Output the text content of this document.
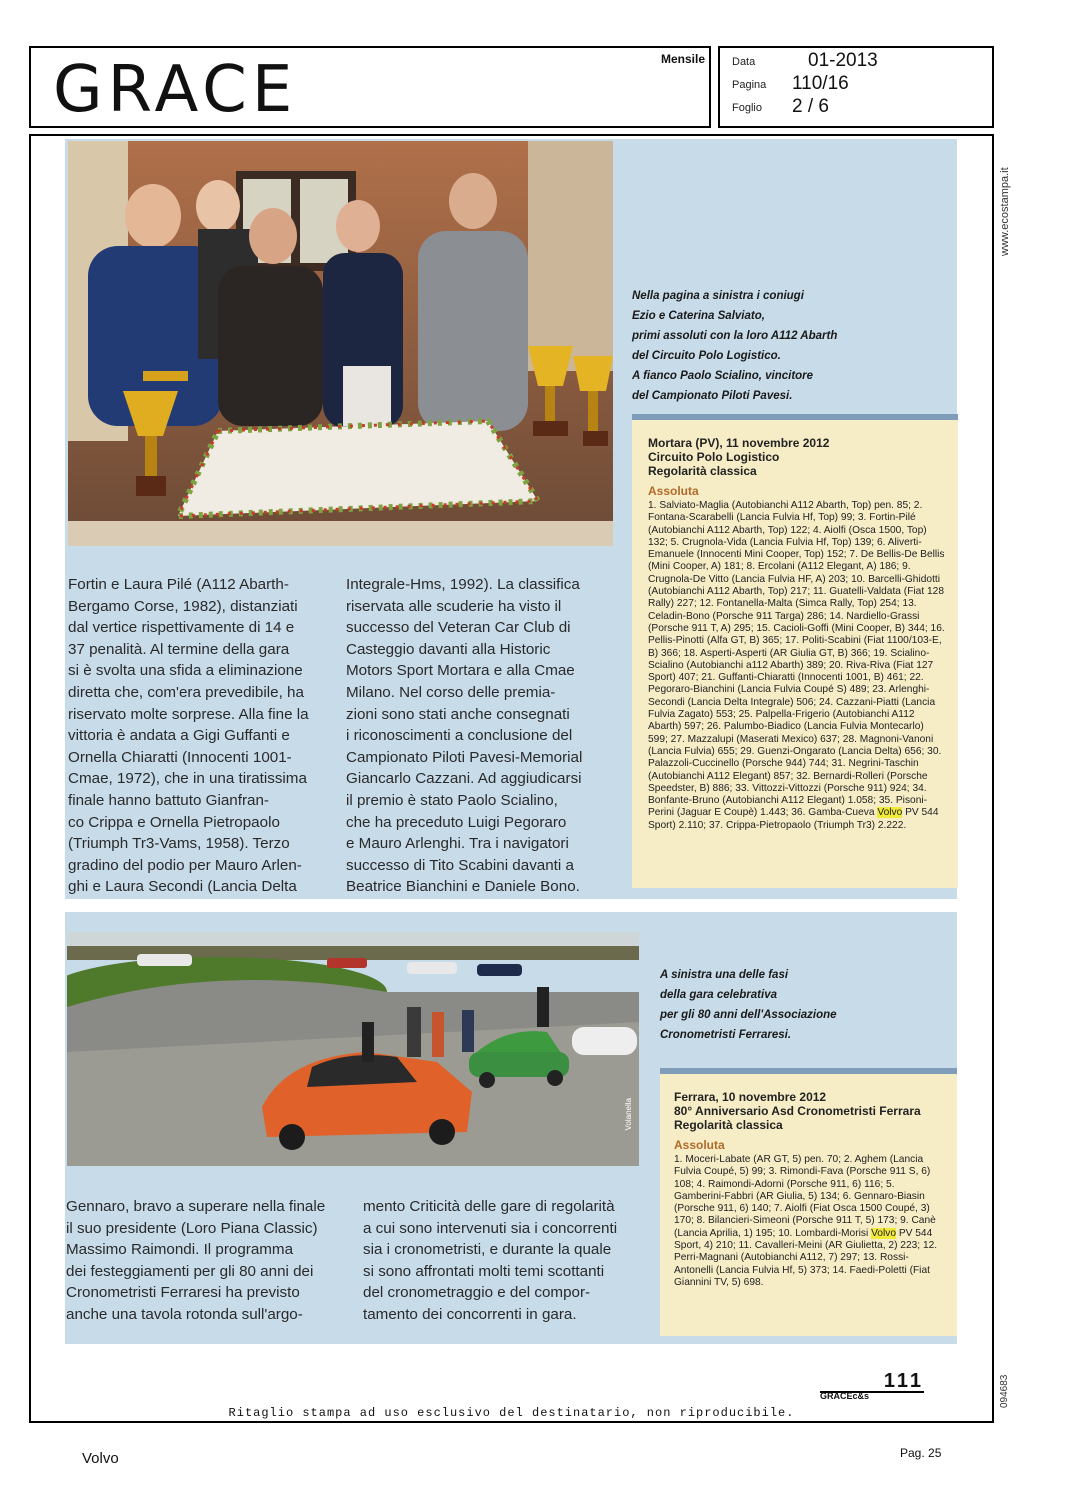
GRACE	Mensile Data	01-2013
Pagina 110/16
Foglio 2 / 6
www.ecostampa.it
094683
Nella pagina a sinistra i coniugi
Ezio e Caterina Salviato,
primi assoluti con la loro A112 Abarth
del Circuito Polo Logistico.
A fianco Paolo Scialino, vincitore
del Campionato Piloti Pavesi.
Mortara (PV), 11 novembre 2012
Circuito Polo Logistico
Regolarità classica
Assoluta
1. Salviato-Maglia (Autobianchi A112 Abarth, Top) pen. 85; 2. Fontana-Scarabelli (Lancia Fulvia Hf, Top) 99; 3. Fortin-Pilé (Autobianchi A112 Abarth, Top) 122; 4. Aiolfi (Osca 1500, Top) 132; 5. Crugnola-Vida (Lancia Fulvia Hf, Top) 139; 6. Aliverti-Emanuele (Innocenti Mini Cooper, Top) 152; 7. De Bellis-De Bellis (Mini Cooper, A) 181; 8. Ercolani (A112 Elegant, A) 186; 9. Crugnola-De Vitto (Lancia Fulvia HF, A) 203; 10. Barcelli-Ghidotti (Autobianchi A112 Abarth, Top) 217; 11. Guatelli-Valdata (Fiat 128 Rally) 227; 12. Fontanella-Malta (Simca Rally, Top) 254; 13. Celadin-Bono (Porsche 911 Targa) 286; 14. Nardiello-Grassi (Porsche 911 T, A) 295; 15. Cacioli-Goffi (Mini Cooper, B) 344; 16. Pellis-Pinotti (Alfa GT, B) 365; 17. Politi-Scabini (Fiat 1100/103-E, B) 366; 18. Asperti-Asperti (AR Giulia GT, B) 366; 19. Scialino-Scialino (Autobianchi a112 Abarth) 389; 20. Riva-Riva (Fiat 127 Sport) 407; 21. Guffanti-Chiaratti (Innocenti 1001, B) 461; 22. Pegoraro-Bianchini (Lancia Fulvia Coupé S) 489; 23. Arlenghi-Secondi (Lancia Delta Integrale) 506; 24. Cazzani-Piatti (Lancia Fulvia Zagato) 553; 25. Palpella-Frigerio (Autobianchi A112 Abarth) 597; 26. Palumbo-Biadico (Lancia Fulvia Montecarlo) 599; 27. Mazzalupi (Maserati Mexico) 637; 28. Magnoni-Vanoni (Lancia Fulvia) 655; 29. Guenzi-Ongarato (Lancia Delta) 656; 30. Palazzoli-Cuccinello (Porsche 944) 744; 31. Negrini-Taschin (Autobianchi A112 Elegant) 857; 32. Bernardi-Rolleri (Porsche Speedster, B) 886; 33. Vittozzi-Vittozzi (Porsche 911) 924; 34. Bonfante-Bruno (Autobianchi A112 Elegant) 1.058; 35. Pisoni-Perini (Jaguar E Coupè) 1.443; 36. Gamba-Cueva Volvo PV 544 Sport) 2.110; 37. Crippa-Pietropaolo (Triumph Tr3) 2.222.
Fortin e Laura Pilé (A112 Abarth-
Bergamo Corse, 1982), distanziati
dal vertice rispettivamente di 14 e
37 penalità. Al termine della gara
si è svolta una sfida a eliminazione
diretta che, com'era prevedibile, ha
riservato molte sorprese. Alla fine la
vittoria è andata a Gigi Guffanti e
Ornella Chiaratti (Innocenti 1001-
Cmae, 1972), che in una tiratissima
finale hanno battuto Gianfran-
co Crippa e Ornella Pietropaolo
(Triumph Tr3-Vams, 1958). Terzo
gradino del podio per Mauro Arlen-
ghi e Laura Secondi (Lancia Delta
Integrale-Hms, 1992). La classifica
riservata alle scuderie ha visto il
successo del Veteran Car Club di
Casteggio davanti alla Historic
Motors Sport Mortara e alla Cmae
Milano. Nel corso delle premia-
zioni sono stati anche consegnati
i riconoscimenti a conclusione del
Campionato Piloti Pavesi-Memorial
Giancarlo Cazzani. Ad aggiudicarsi
il premio è stato Paolo Scialino,
che ha preceduto Luigi Pegoraro
e Mauro Arlenghi. Tra i navigatori
successo di Tito Scabini davanti a
Beatrice Bianchini e Daniele Bono.
Volanella
A sinistra una delle fasi
della gara celebrativa
per gli 80 anni dell'Associazione
Cronometristi Ferraresi.
Ferrara, 10 novembre 2012
80° Anniversario Asd Cronometristi Ferrara
Regolarità classica
Assoluta
1. Moceri-Labate (AR GT, 5) pen. 70; 2. Aghem (Lancia Fulvia Coupé, 5) 99; 3. Rimondi-Fava (Porsche 911 S, 6) 108; 4. Raimondi-Adorni (Porsche 911, 6) 116; 5. Gamberini-Fabbri (AR Giulia, 5) 134; 6. Gennaro-Biasin (Porsche 911, 6) 140; 7. Aiolfi (Fiat Osca 1500 Coupé, 3) 170; 8. Bilancieri-Simeoni (Porsche 911 T, 5) 173; 9. Canè (Lancia Aprilia, 1) 195; 10. Lombardi-Morisi Volvo PV 544 Sport, 4) 210; 11. Cavalleri-Meini (AR Giulietta, 2) 223; 12. Perri-Magnani (Autobianchi A112, 7) 297; 13. Rossi-Antonelli (Lancia Fulvia Hf, 5) 373; 14. Faedi-Poletti (Fiat Giannini TV, 5) 698.
Gennaro, bravo a superare nella finale
il suo presidente (Loro Piana Classic)
Massimo Raimondi. Il programma
dei festeggiamenti per gli 80 anni dei
Cronometristi Ferraresi ha previsto
anche una tavola rotonda sull'argo-
mento Criticità delle gare di regolarità
a cui sono intervenuti sia i concorrenti
sia i cronometristi, e durante la quale
si sono affrontati molti temi scottanti
del cronometraggio e del compor-
tamento dei concorrenti in gara.
111
GRACEc&s
Ritaglio stampa ad uso esclusivo del destinatario, non riproducibile.
Volvo	Pag. 25
